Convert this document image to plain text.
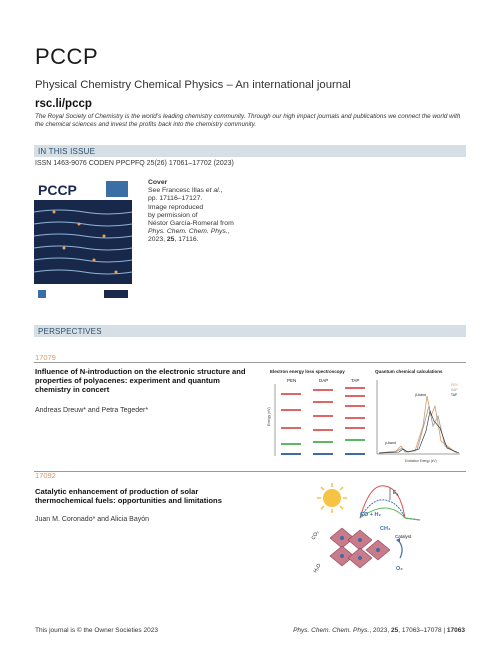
PCCP
Physical Chemistry Chemical Physics – An international journal
rsc.li/pccp
The Royal Society of Chemistry is the world’s leading chemistry community. Through our high impact journals and publications we connect the world with the chemical sciences and invest the profits back into the chemistry community.
IN THIS ISSUE
ISSN 1463-9076 CODEN PPCPFQ 25(26) 17061–17702 (2023)
PCCP	Cover
See Francesc Illas et al.,
pp. 17116–17127.
Image reproduced
by permission of
Néstor García-Romeral from
Phys. Chem. Chem. Phys.,
2023, 25, 17116.
PERSPECTIVES
17079
Influence of N-introduction on the electronic structure and properties of polyacenes: experiment and quantum chemistry in concert
Andreas Dreuw* and Petra Tegeder*
Electron energy loss spectroscopy	Quantum chemical calculations
PEN	DAP	TAP
Energy (eV)
Excitation Energy (eV)
p-band
β-band
PEN
DAP
TAP
17092
Catalytic enhancement of production of solar thermochemical fuels: opportunities and limitations
Juan M. Coronado* and Alicia Bayón
$E_a$
CO + H₂
CH₄
Catalyst
CO₂
H₂O	O₂
This journal is © the Owner Societies 2023	Phys. Chem. Chem. Phys., 2023, 25, 17063–17078 | 17063
